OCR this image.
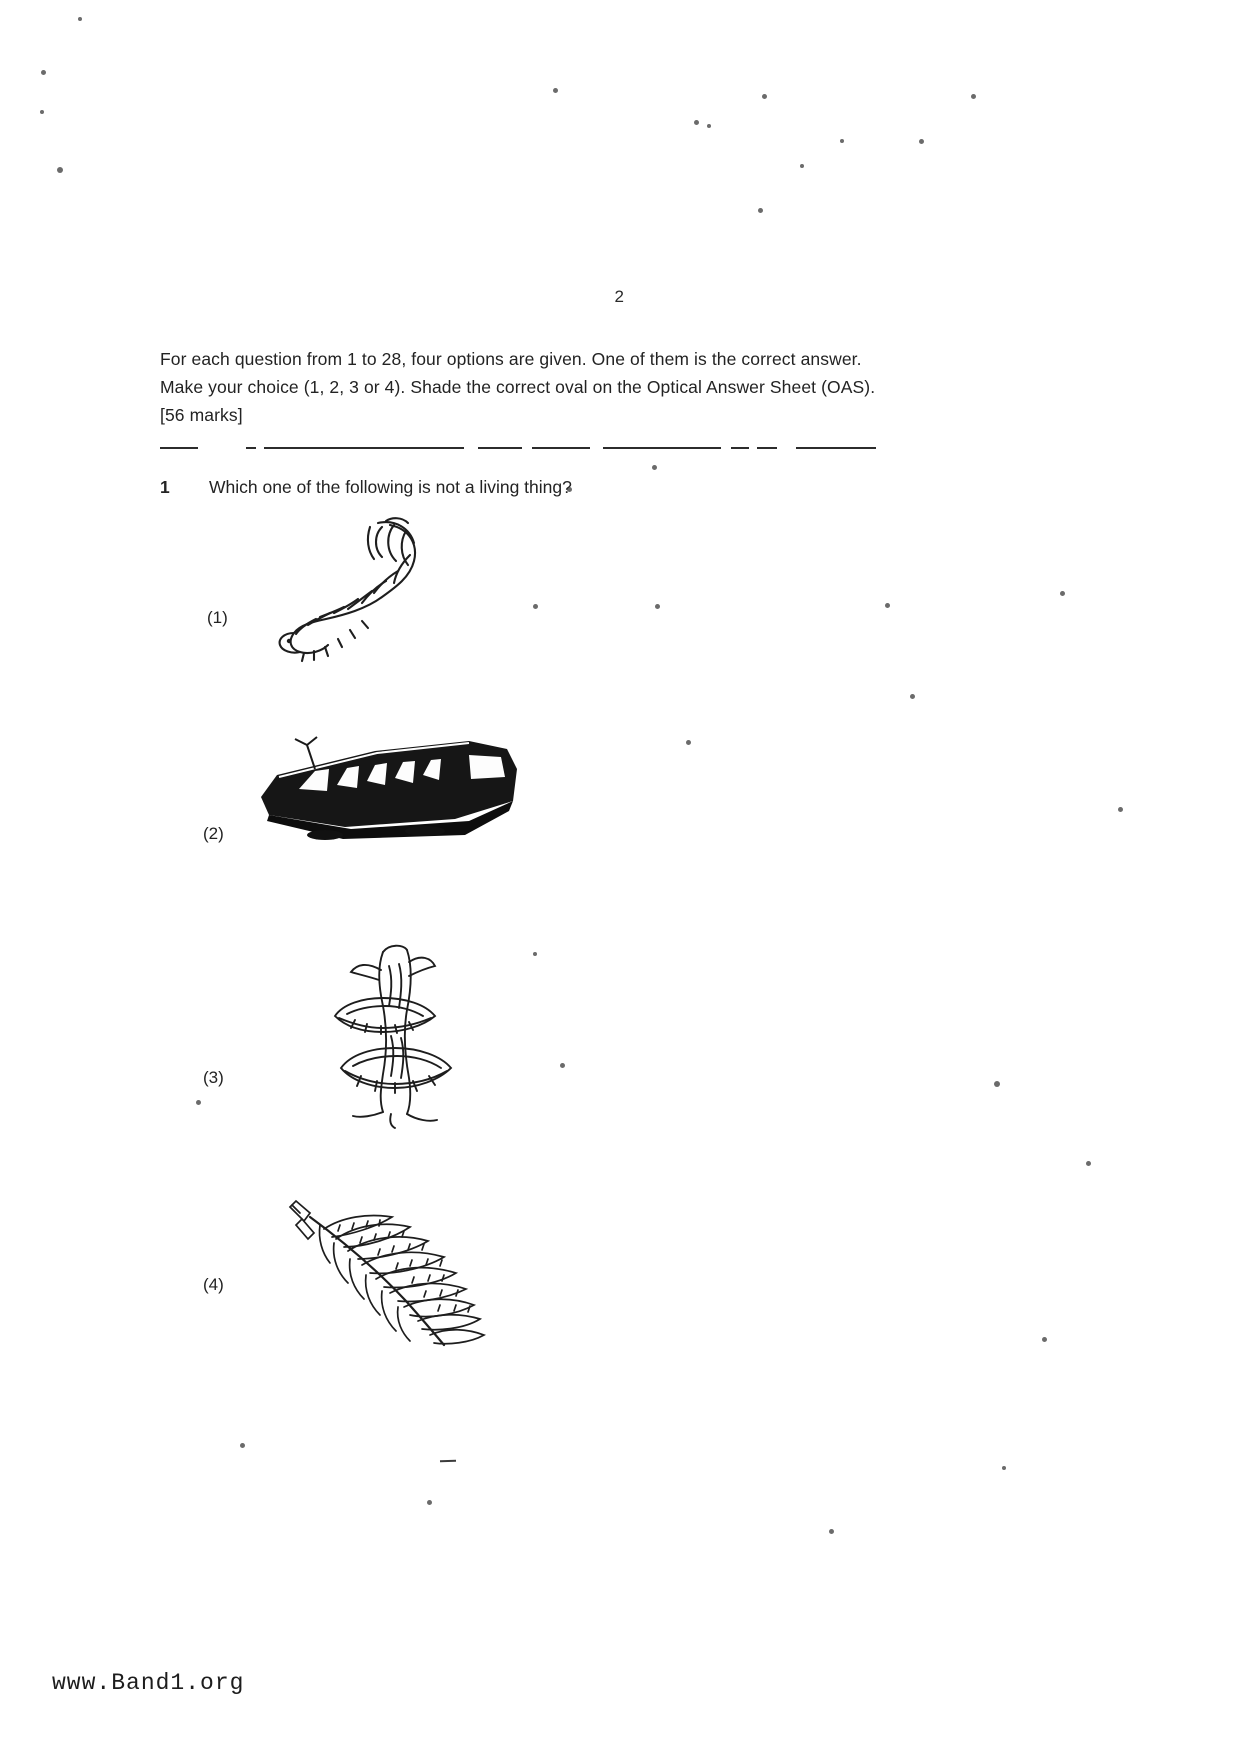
2
For each question from 1 to 28, four options are given. One of them is the correct answer.
Make your choice (1, 2, 3 or 4). Shade the correct oval on the Optical Answer Sheet (OAS).
[56 marks]
1 Which one of the following is not a living thing?
(1)
(2)
(3)
(4)
www.Band1.org
